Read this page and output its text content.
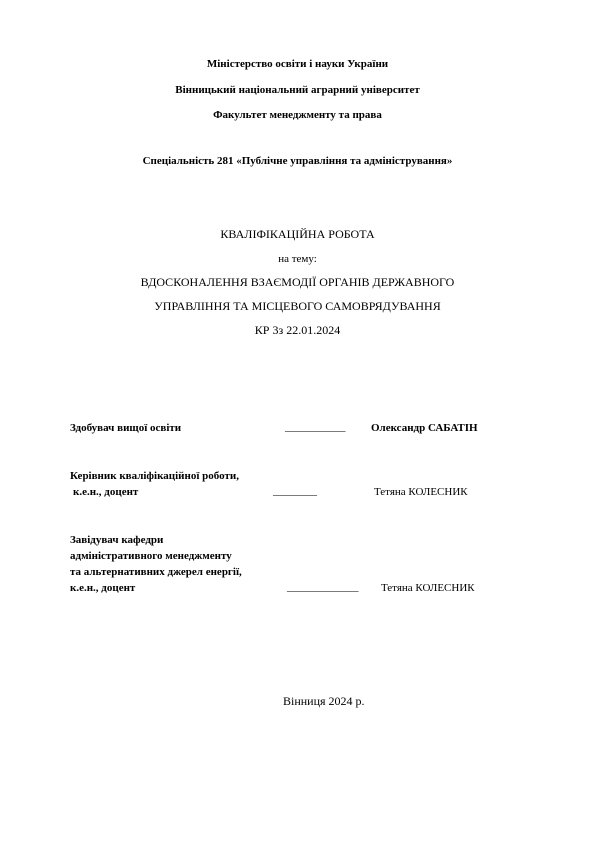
Міністерство освіти і науки України
Вінницький національний аграрний університет
Факультет менеджменту та права
Спеціальність 281 «Публічне управління та адміністрування»
КВАЛІФІКАЦІЙНА РОБОТА
на тему:
ВДОСКОНАЛЕННЯ ВЗАЄМОДІЇ ОРГАНІВ ДЕРЖАВНОГО
УПРАВЛІННЯ ТА МІСЦЕВОГО САМОВРЯДУВАННЯ
КР 3з 22.01.2024
Здобувач вищої освіти	___________ Олександр САБАТІН
Керівник кваліфікаційної роботи,
к.е.н., доцент	______ __	Тетяна КОЛЕСНИК
Завідувач кафедри
адміністративного менеджменту
та альтернативних джерел енергії,
к.е.н., доцент	_____________ Тетяна КОЛЕСНИК
Вінниця 2024 р.
